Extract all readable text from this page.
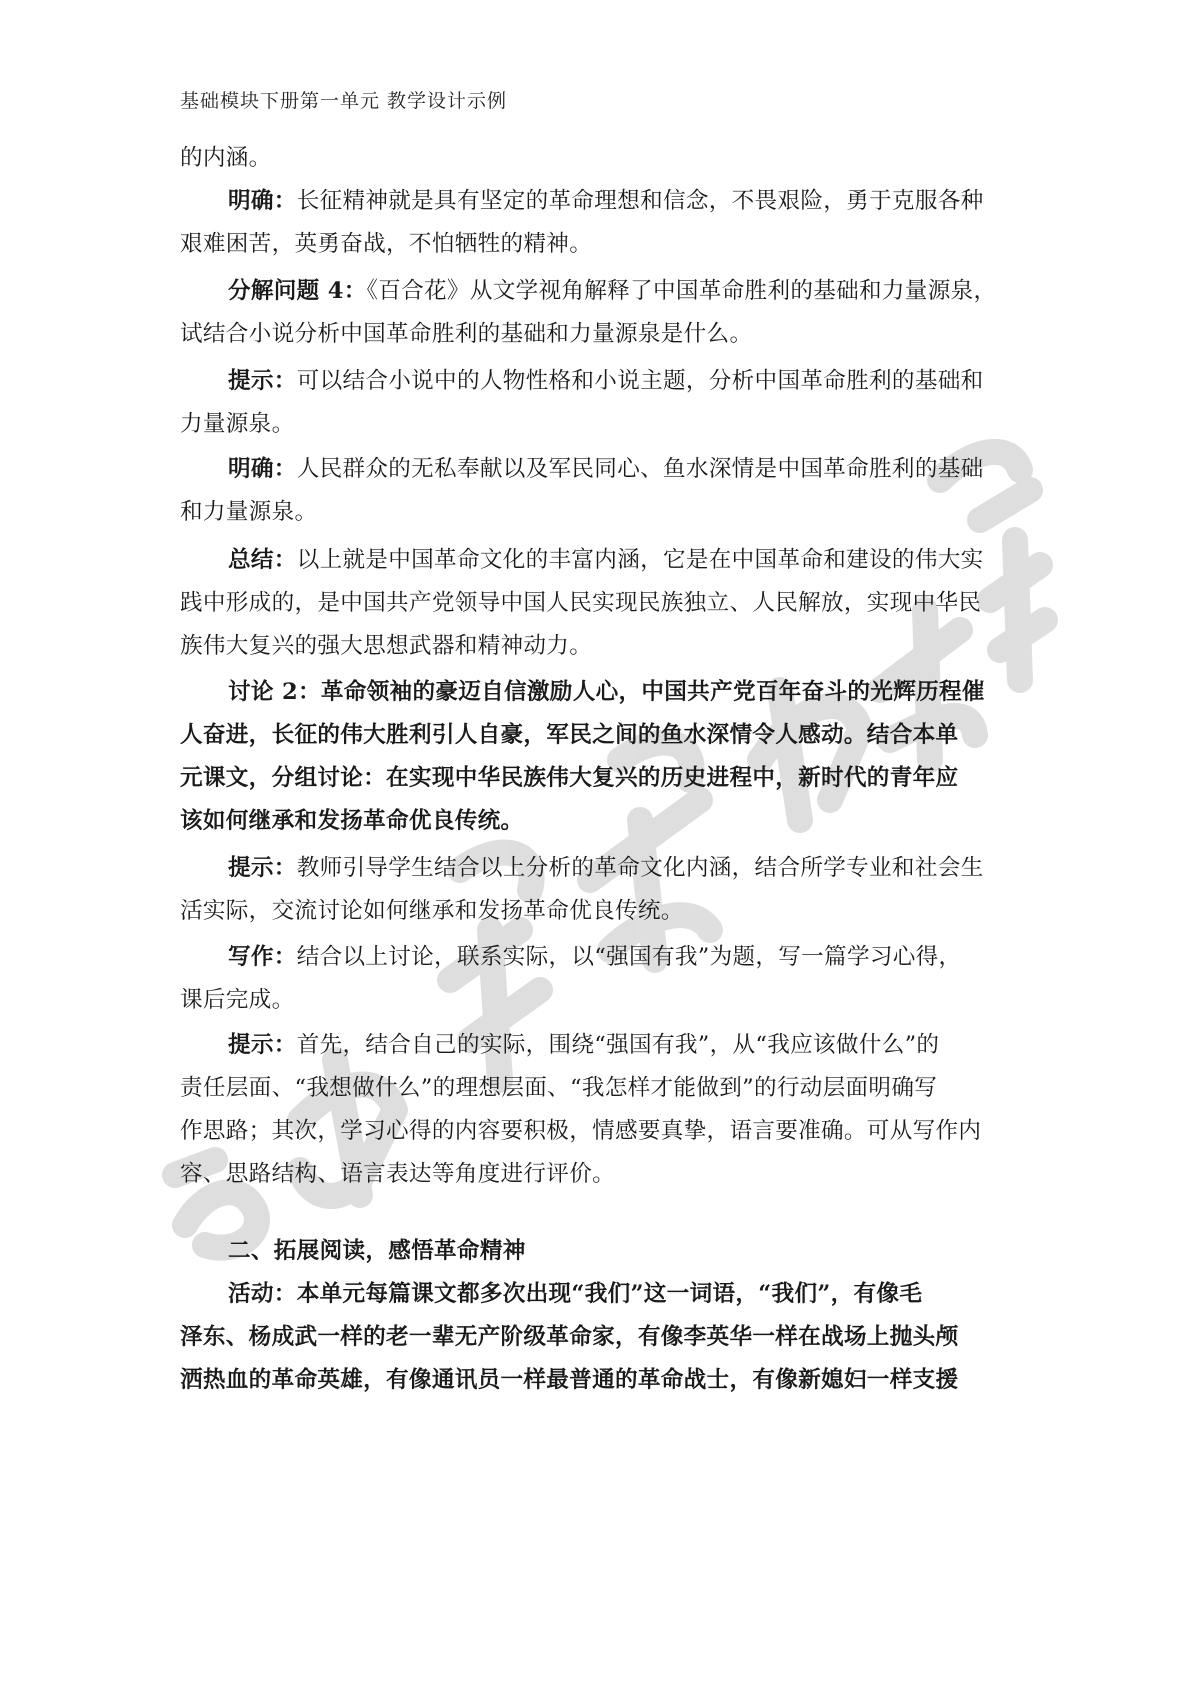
基础模块下册第一单元 教学设计示例
的内涵。
明确：长征精神就是具有坚定的革命理想和信念，不畏艰险，勇于克服各种
艰难困苦，英勇奋战，不怕牺牲的精神。
分解问题 4：《百合花》从文学视角解释了中国革命胜利的基础和力量源泉，
试结合小说分析中国革命胜利的基础和力量源泉是什么。
提示：可以结合小说中的人物性格和小说主题，分析中国革命胜利的基础和
力量源泉。
明确：人民群众的无私奉献以及军民同心、鱼水深情是中国革命胜利的基础
和力量源泉。
总结：以上就是中国革命文化的丰富内涵，它是在中国革命和建设的伟大实
践中形成的，是中国共产党领导中国人民实现民族独立、人民解放，实现中华民
族伟大复兴的强大思想武器和精神动力。
讨论 2：革命领袖的豪迈自信激励人心，中国共产党百年奋斗的光辉历程催
人奋进，长征的伟大胜利引人自豪，军民之间的鱼水深情令人感动。结合本单
元课文，分组讨论：在实现中华民族伟大复兴的历史进程中，新时代的青年应
该如何继承和发扬革命优良传统。
提示：教师引导学生结合以上分析的革命文化内涵，结合所学专业和社会生
活实际，交流讨论如何继承和发扬革命优良传统。
写作：结合以上讨论，联系实际，以“强国有我”为题，写一篇学习心得，
课后完成。
提示：首先，结合自己的实际，围绕“强国有我”，从“我应该做什么”的
责任层面、“我想做什么”的理想层面、“我怎样才能做到”的行动层面明确写
作思路；其次，学习心得的内容要积极，情感要真挚，语言要准确。可从写作内
容、思路结构、语言表达等角度进行评价。
二、拓展阅读，感悟革命精神
活动：本单元每篇课文都多次出现“我们”这一词语，“我们”，有像毛
泽东、杨成武一样的老一辈无产阶级革命家，有像李英华一样在战场上抛头颅
洒热血的革命英雄，有像通讯员一样最普通的革命战士，有像新媳妇一样支援
